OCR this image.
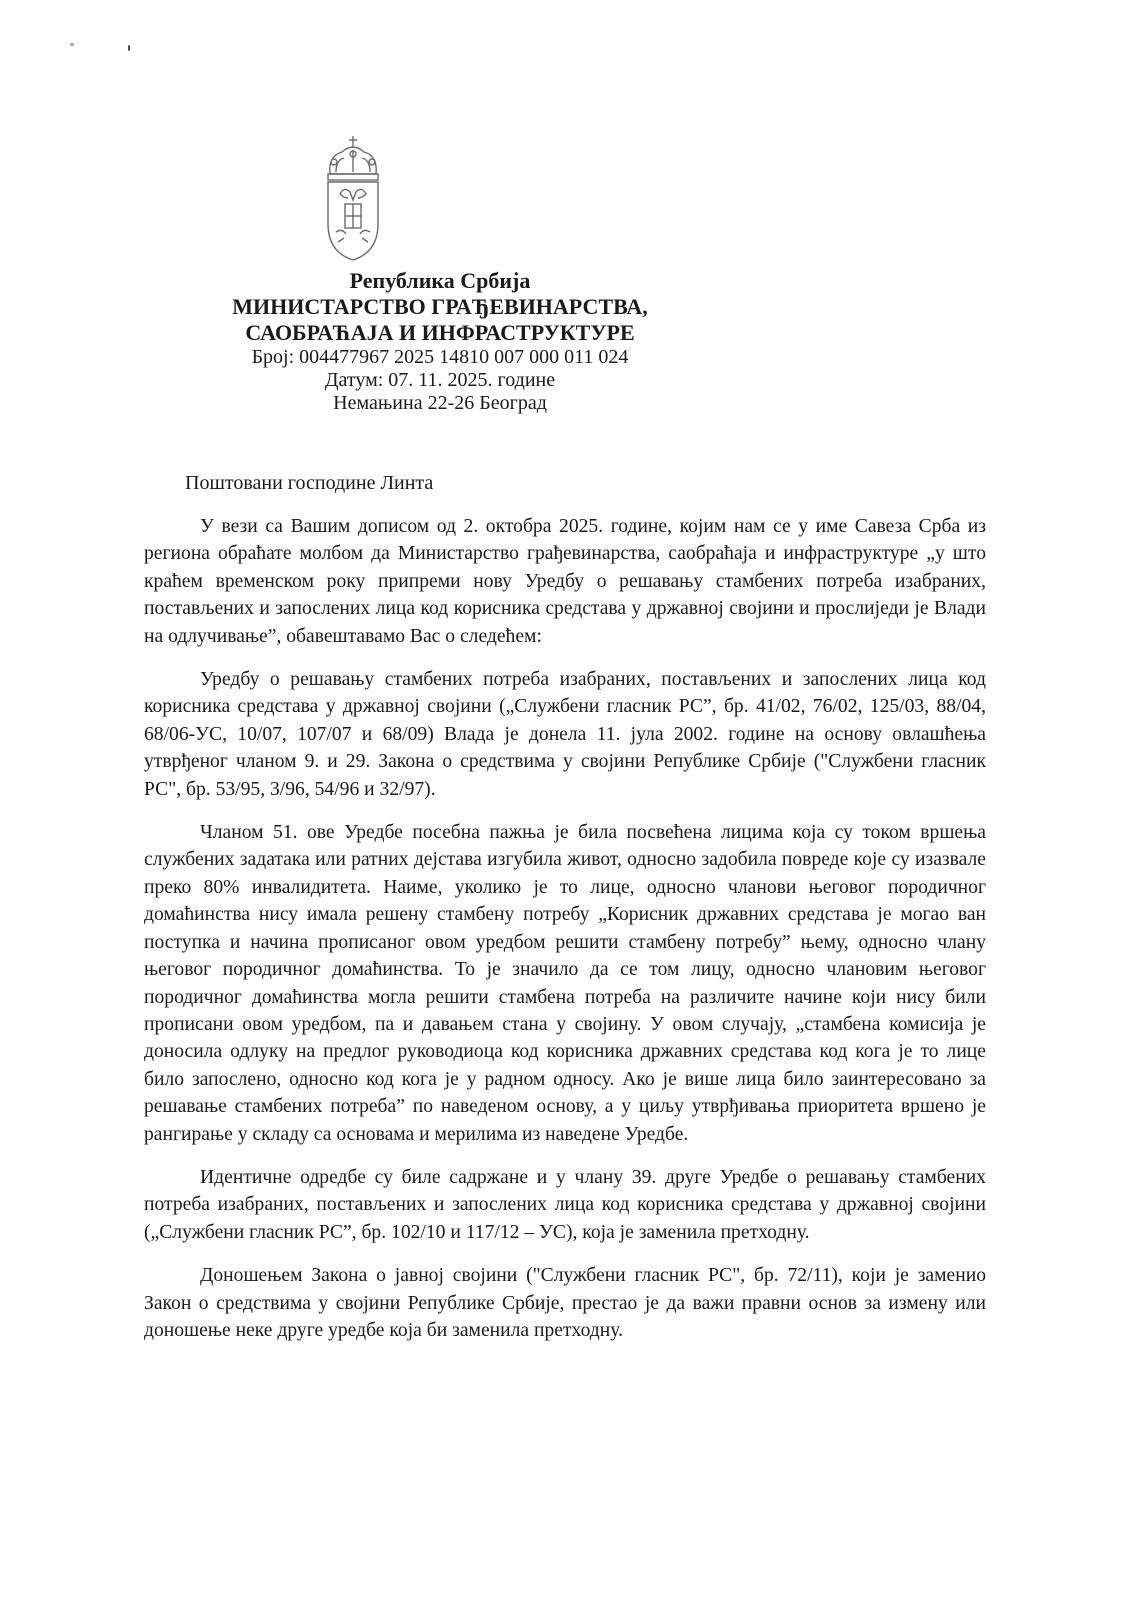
Република Србија
МИНИСТАРСТВО ГРАЂЕВИНАРСТВА,
САОБРАЋАЈА И ИНФРАСТРУКТУРЕ
Број: 004477967 2025 14810 007 000 011 024
Датум: 07. 11. 2025. године
Немањина 22-26 Београд
Поштовани господине Линта

У вези са Вашим дописом од 2. октобра 2025. године, којим нам се у име Савеза Срба из региона обраћате молбом да Министарство грађевинарства, саобраћаја и инфраструктуре „у што краћем временском року припреми нову Уредбу о решавању стамбених потреба изабраних, постављених и запослених лица код корисника средстава у државној својини и прослиједи је Влади на одлучивање”, обавештавамо Вас о следећем:

Уредбу о решавању стамбених потреба изабраних, постављених и запослених лица код корисника средстава у државној својини („Службени гласник РС”, бр. 41/02, 76/02, 125/03, 88/04, 68/06-УС, 10/07, 107/07 и 68/09) Влада је донела 11. јула 2002. године на основу овлашћења утврђеног чланом 9. и 29. Закона о средствима у својини Републике Србије ("Службени гласник РС", бр. 53/95, 3/96, 54/96 и 32/97).

Чланом 51. ове Уредбе посебна пажња је била посвећена лицима која су током вршења службених задатака или ратних дејстава изгубила живот, односно задобила повреде које су изазвале преко 80% инвалидитета. Наиме, уколико је то лице, односно чланови његовог породичног домаћинства нису имала решену стамбену потребу „Корисник државних средстава је могао ван поступка и начина прописаног овом уредбом решити стамбену потребу” њему, односно члану његовог породичног домаћинства. То је значило да се том лицу, односно члановим његовог породичног домаћинства могла решити стамбена потреба на различите начине који нису били прописани овом уредбом, па и давањем стана у својину. У овом случају, „стамбена комисија је доносила одлуку на предлог руководиоца код корисника државних средстава код кога је то лице било запослено, односно код кога је у радном односу. Ако је више лица било заинтересовано за решавање стамбених потреба” по наведеном основу, а у циљу утврђивања приоритета вршено је рангирање у складу са основама и мерилима из наведене Уредбе.

Идентичне одредбе су биле садржане и у члану 39. друге Уредбе о решавању стамбених потреба изабраних, постављених и запослених лица код корисника средстава у државној својини („Службени гласник РС”, бр. 102/10 и 117/12 – УС), која је заменила претходну.

Доношењем Закона о јавној својини ("Службени гласник РС", бр. 72/11), који је заменио Закон о средствима у својини Републике Србије, престао је да важи правни основ за измену или доношење неке друге уредбе која би заменила претходну.
